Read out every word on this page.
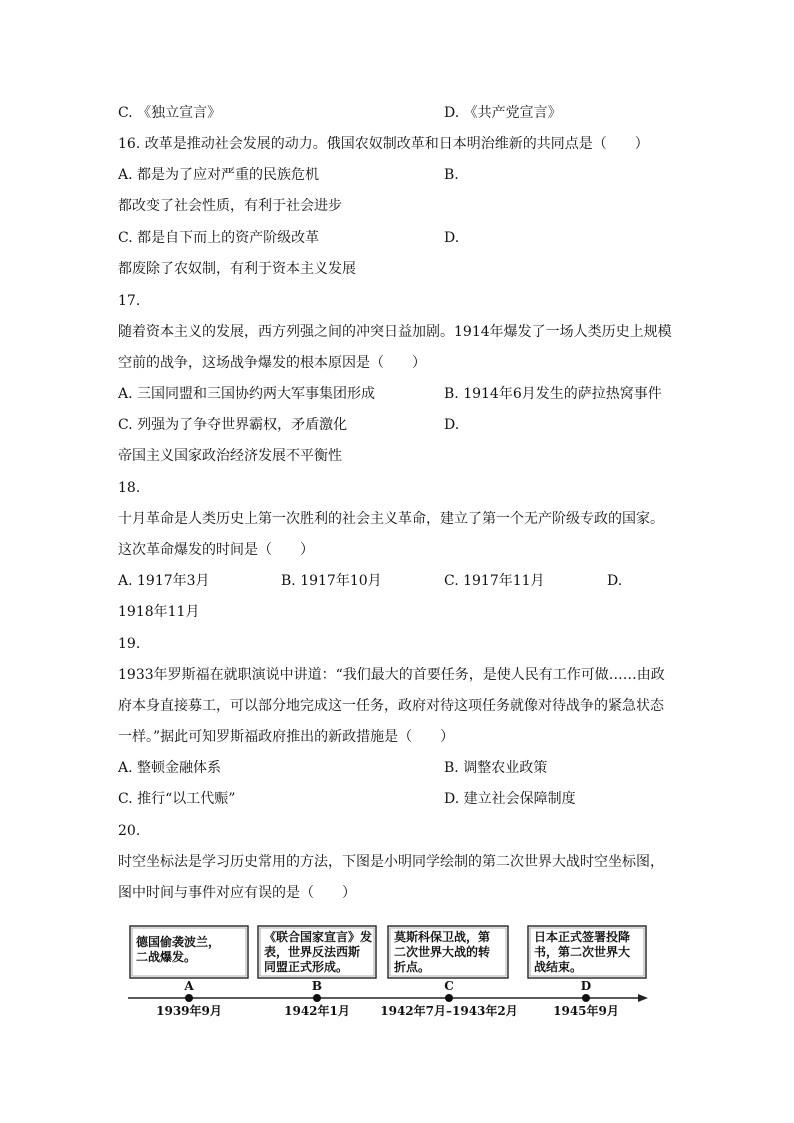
C. 《独立宣言》	D. 《共产党宣言》
16. 改革是推动社会发展的动力。俄国农奴制改革和日本明治维新的共同点是（　　）
A. 都是为了应对严重的民族危机	B.
都改变了社会性质，有利于社会进步
C. 都是自下而上的资产阶级改革	D.
都废除了农奴制，有利于资本主义发展
17.
随着资本主义的发展，西方列强之间的冲突日益加剧。1914年爆发了一场人类历史上规模
空前的战争，这场战争爆发的根本原因是（　　）
A. 三国同盟和三国协约两大军事集团形成	B. 1914年6月发生的萨拉热窝事件
C. 列强为了争夺世界霸权，矛盾激化	D.
帝国主义国家政治经济发展不平衡性
18.
十月革命是人类历史上第一次胜利的社会主义革命，建立了第一个无产阶级专政的国家。
这次革命爆发的时间是（　　）
A. 1917年3月	B. 1917年10月	C. 1917年11月	D.
1918年11月
19.
1933年罗斯福在就职演说中讲道：“我们最大的首要任务，是使人民有工作可做……由政
府本身直接募工，可以部分地完成这一任务，政府对待这项任务就像对待战争的紧急状态
一样。”据此可知罗斯福政府推出的新政措施是（　　）
A. 整顿金融体系	B. 调整农业政策
C. 推行“以工代赈”	D. 建立社会保障制度
20.
时空坐标法是学习历史常用的方法，下图是小明同学绘制的第二次世界大战时空坐标图，
图中时间与事件对应有误的是（　　）
德国偷袭波兰，
二战爆发。
《联合国家宣言》发
表，世界反法西斯
同盟正式形成。
莫斯科保卫战，第
二次世界大战的转
折点。
日本正式签署投降
书，第二次世界大
战结束。
A
1939年9月
B
1942年1月
C
1942年7月–1943年2月
D
1945年9月
